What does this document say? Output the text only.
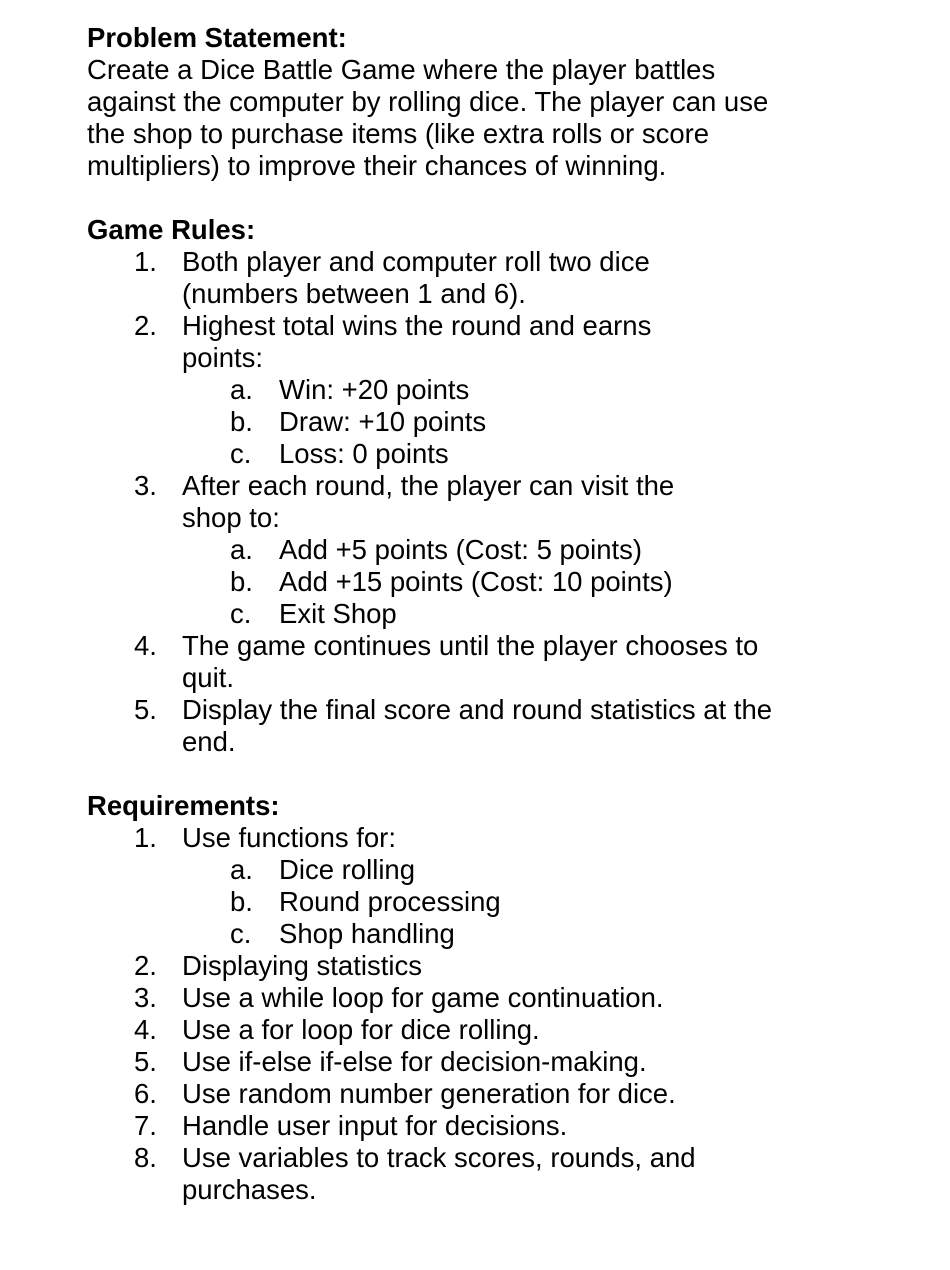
Problem Statement:
Create a Dice Battle Game where the player battles against the computer by rolling dice. The player can use the shop to purchase items (like extra rolls or score multipliers) to improve their chances of winning.
Game Rules:
1. Both player and computer roll two dice (numbers between 1 and 6).
2. Highest total wins the round and earns points:
a. Win: +20 points
b. Draw: +10 points
c. Loss: 0 points
3. After each round, the player can visit the shop to:
a. Add +5 points (Cost: 5 points)
b. Add +15 points (Cost: 10 points)
c. Exit Shop
4. The game continues until the player chooses to quit.
5. Display the final score and round statistics at the end.
Requirements:
1. Use functions for:
a. Dice rolling
b. Round processing
c. Shop handling
2. Displaying statistics
3. Use a while loop for game continuation.
4. Use a for loop for dice rolling.
5. Use if-else if-else for decision-making.
6. Use random number generation for dice.
7. Handle user input for decisions.
8. Use variables to track scores, rounds, and purchases.
